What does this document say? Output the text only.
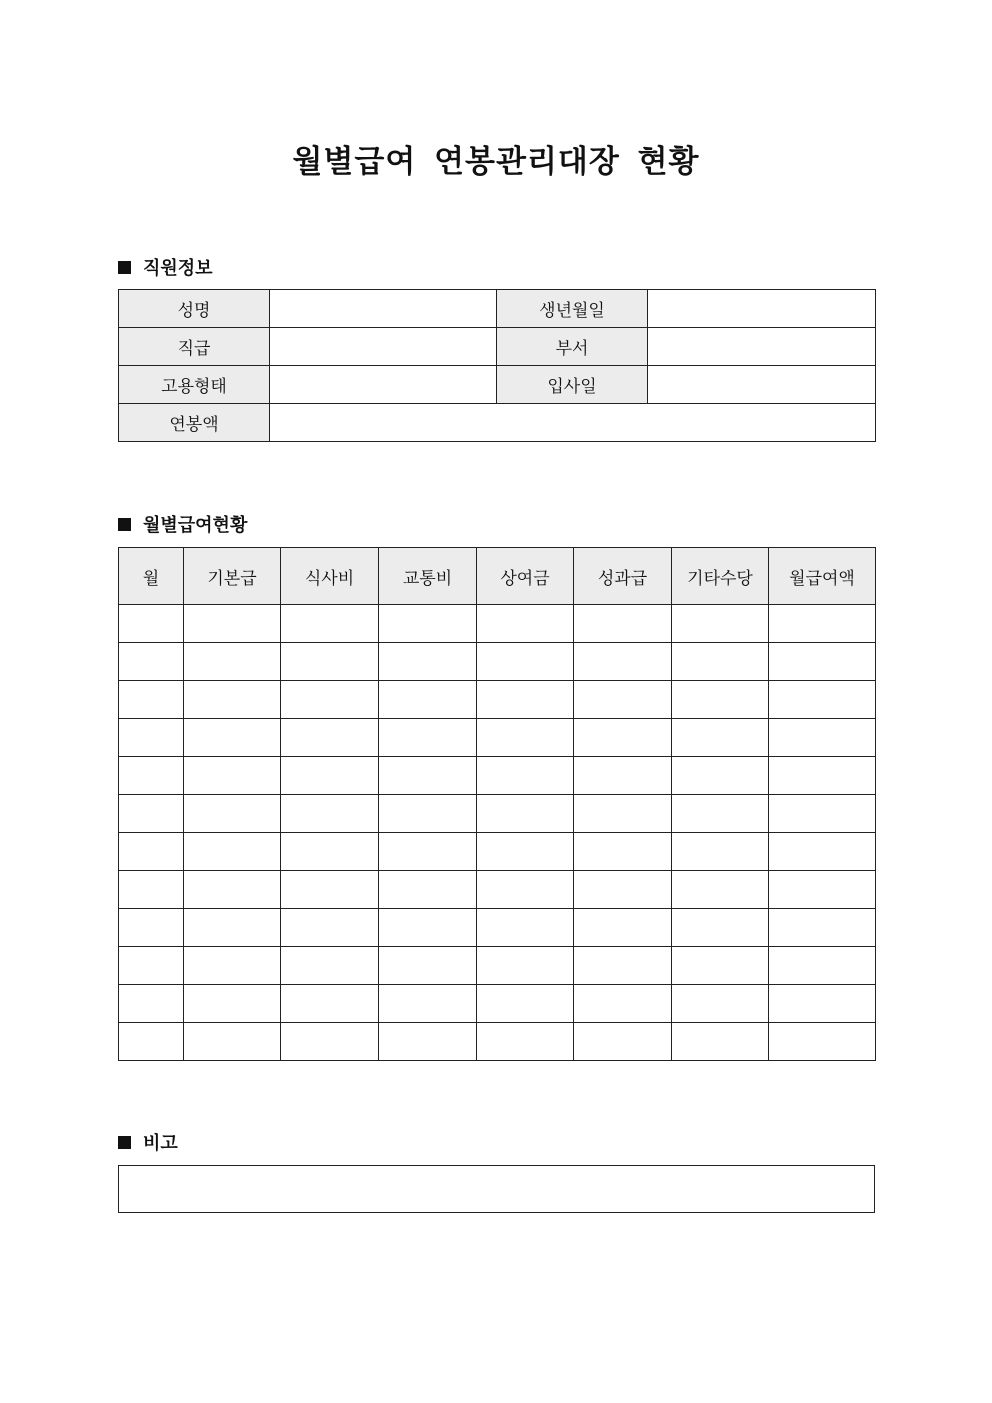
월별급여 연봉관리대장 현황
직원정보
성명		생년월일	
직급		부서	
고용형태		입사일	
연봉액			
월별급여현황
월	기본급	식사비	교통비	상여금	성과급	기타수당	월급여액

비고
